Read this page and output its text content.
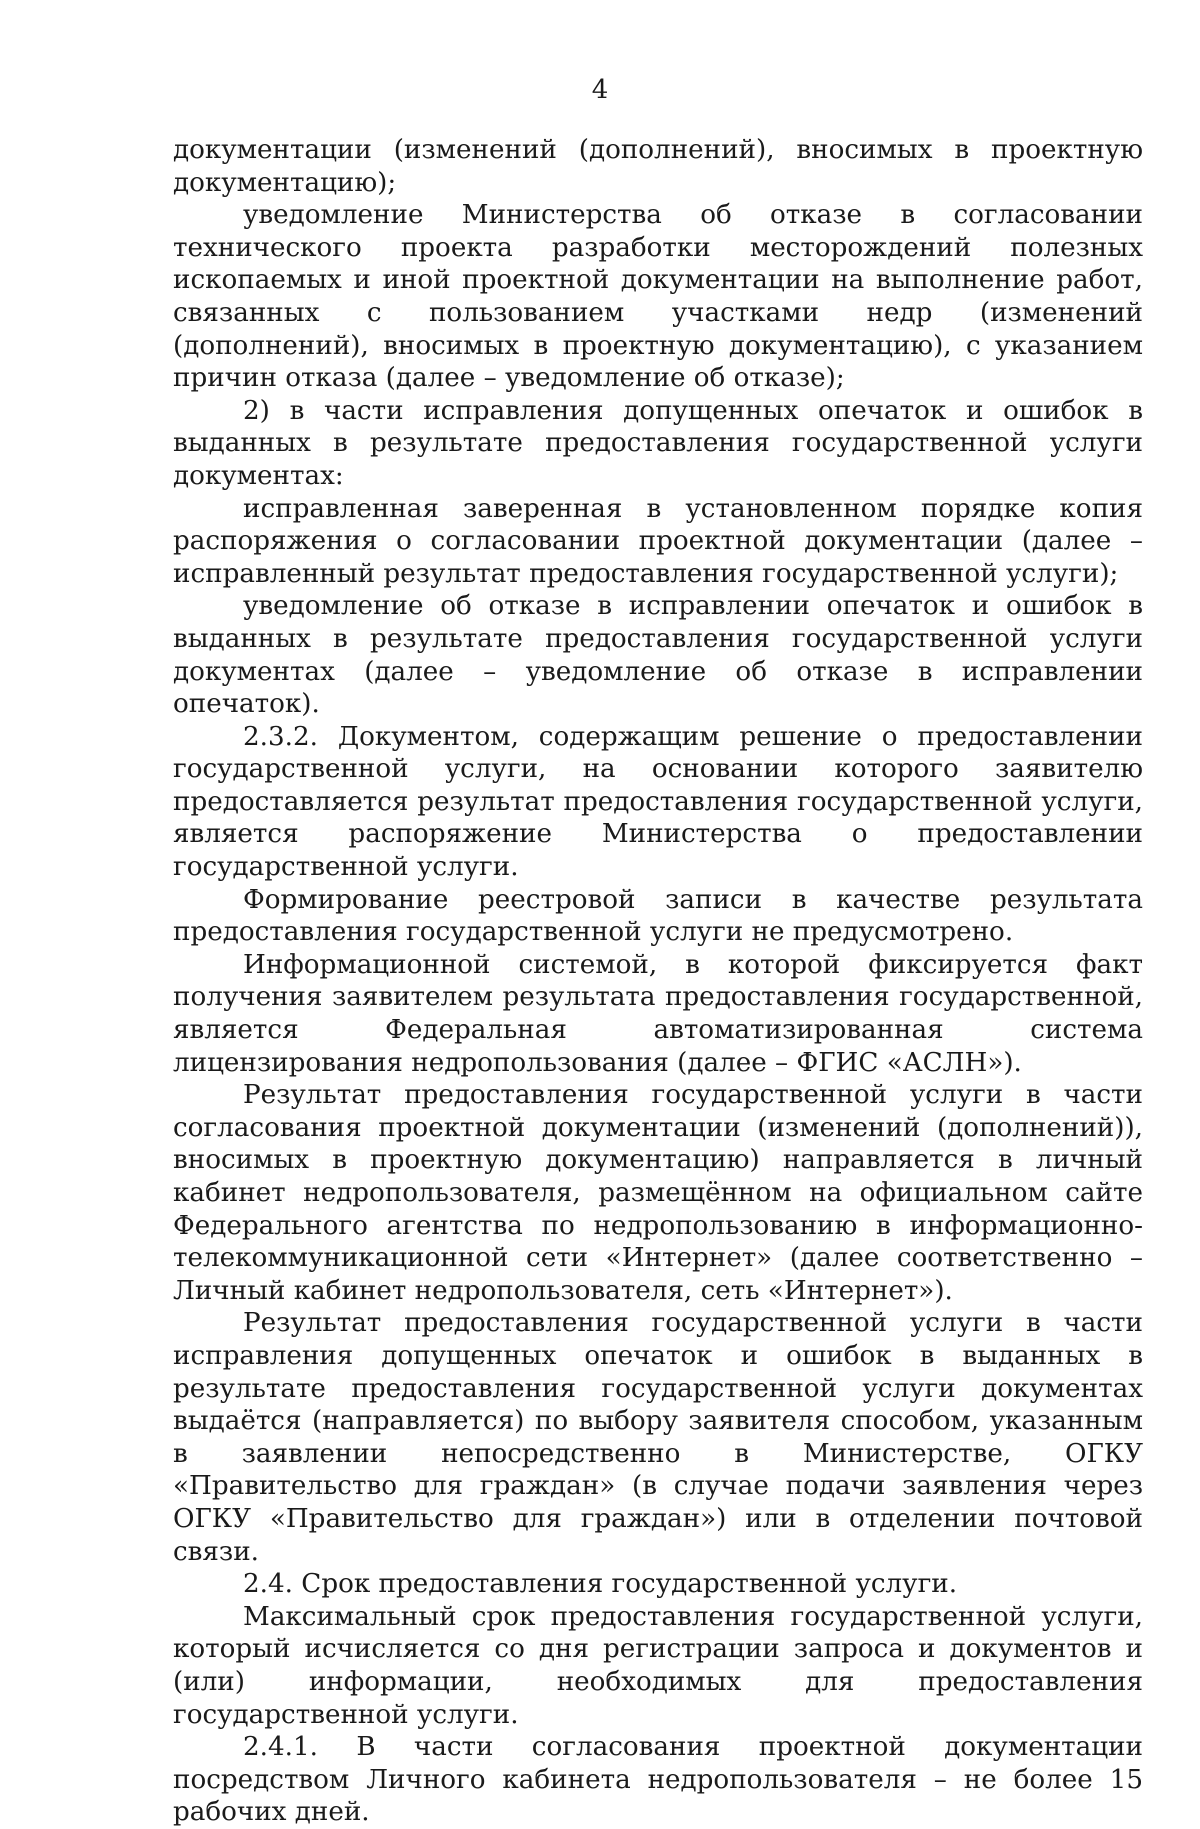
4

документации (изменений (дополнений), вносимых в проектную документацию);

уведомление Министерства об отказе в согласовании технического проекта разработки месторождений полезных ископаемых и иной проектной документации на выполнение работ, связанных с пользованием участками недр (изменений (дополнений), вносимых в проектную документацию), с указанием причин отказа (далее – уведомление об отказе);

2) в части исправления допущенных опечаток и ошибок в выданных в результате предоставления государственной услуги документах:

исправленная заверенная в установленном порядке копия распоряжения о согласовании проектной документации (далее – исправленный результат предоставления государственной услуги);

уведомление об отказе в исправлении опечаток и ошибок в выданных в результате предоставления государственной услуги документах (далее – уведомление об отказе в исправлении опечаток).

2.3.2. Документом, содержащим решение о предоставлении государственной услуги, на основании которого заявителю предоставляется результат предоставления государственной услуги, является распоряжение Министерства о предоставлении государственной услуги.

Формирование реестровой записи в качестве результата предоставления государственной услуги не предусмотрено.

Информационной системой, в которой фиксируется факт получения заявителем результата предоставления государственной, является Федеральная автоматизированная система лицензирования недропользования (далее – ФГИС «АСЛН»).

Результат предоставления государственной услуги в части согласования проектной документации (изменений (дополнений)), вносимых в проектную документацию) направляется в личный кабинет недропользователя, размещённом на официальном сайте Федерального агентства по недропользованию в информационно-телекоммуникационной сети «Интернет» (далее соответственно – Личный кабинет недропользователя, сеть «Интернет»).

Результат предоставления государственной услуги в части исправления допущенных опечаток и ошибок в выданных в результате предоставления государственной услуги документах выдаётся (направляется) по выбору заявителя способом, указанным в заявлении непосредственно в Министерстве, ОГКУ «Правительство для граждан» (в случае подачи заявления через ОГКУ «Правительство для граждан») или в отделении почтовой связи.

2.4. Срок предоставления государственной услуги.

Максимальный срок предоставления государственной услуги, который исчисляется со дня регистрации запроса и документов и (или) информации, необходимых для предоставления государственной услуги.

2.4.1. В части согласования проектной документации посредством Личного кабинета недропользователя – не более 15 рабочих дней.
